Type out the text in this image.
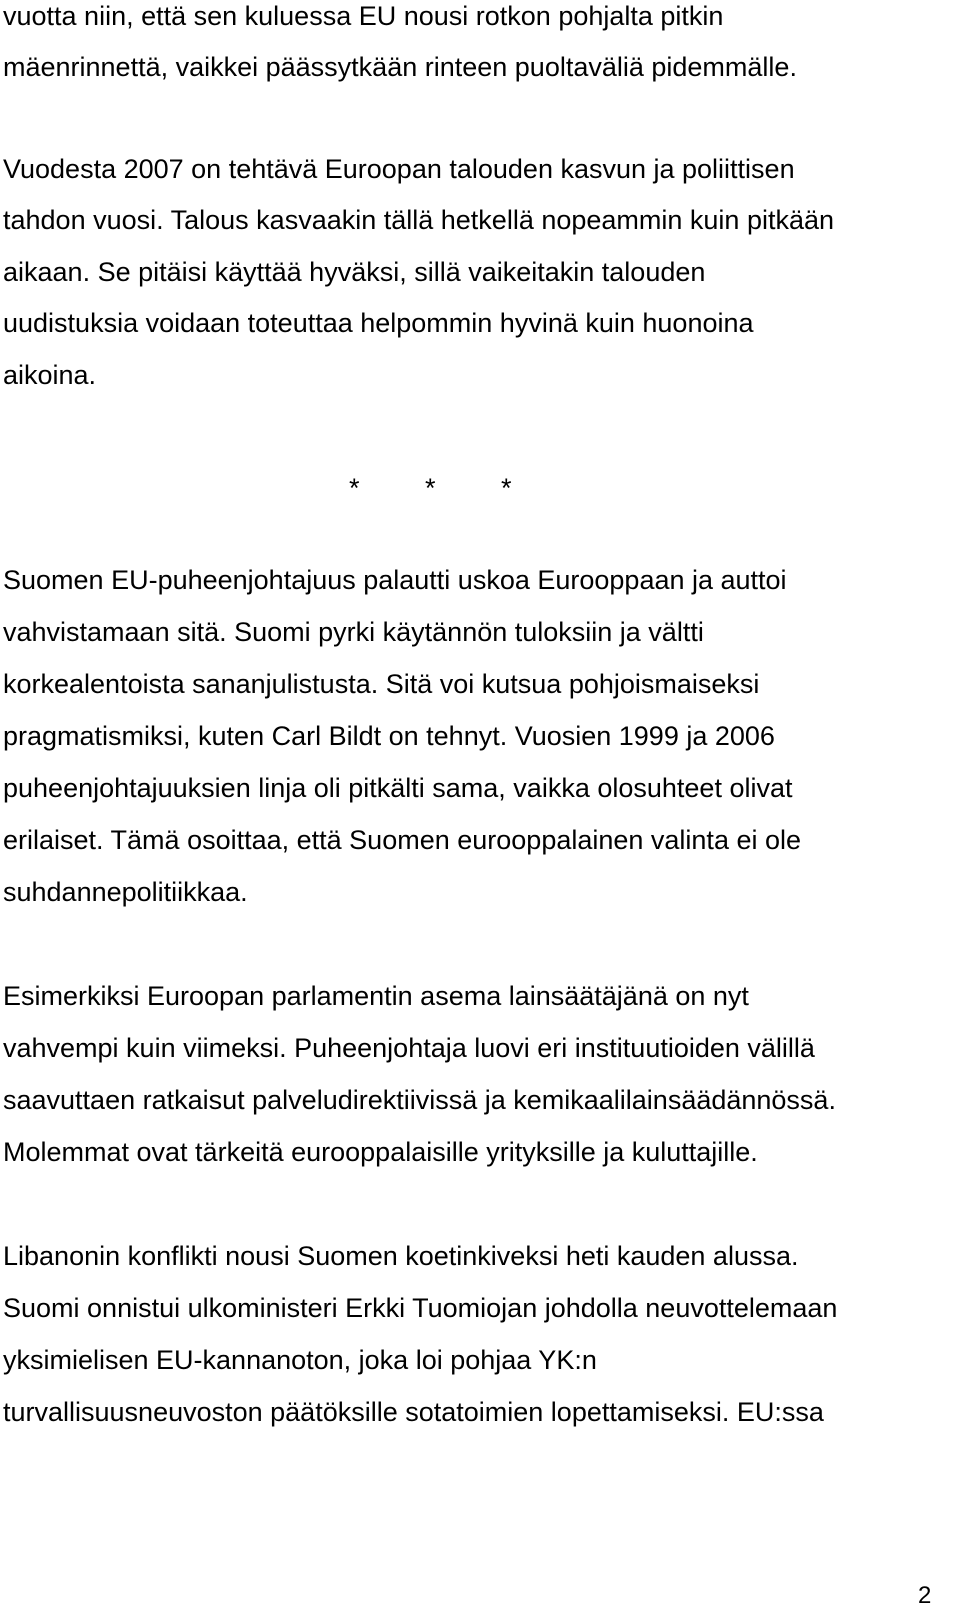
vuotta niin, että sen kuluessa EU nousi rotkon pohjalta pitkin
mäenrinnettä, vaikkei päässytkään rinteen puoltaväliä pidemmälle.
Vuodesta 2007 on tehtävä Euroopan talouden kasvun ja poliittisen
tahdon vuosi. Talous kasvaakin tällä hetkellä nopeammin kuin pitkään
aikaan. Se pitäisi käyttää hyväksi, sillä vaikeitakin talouden
uudistuksia voidaan toteuttaa helpommin hyvinä kuin huonoina
aikoina.
* * *
Suomen EU-puheenjohtajuus palautti uskoa Eurooppaan ja auttoi
vahvistamaan sitä. Suomi pyrki käytännön tuloksiin ja vältti
korkealentoista sananjulistusta. Sitä voi kutsua pohjoismaiseksi
pragmatismiksi, kuten Carl Bildt on tehnyt. Vuosien 1999 ja 2006
puheenjohtajuuksien linja oli pitkälti sama, vaikka olosuhteet olivat
erilaiset. Tämä osoittaa, että Suomen eurooppalainen valinta ei ole
suhdannepolitiikkaa.
Esimerkiksi Euroopan parlamentin asema lainsäätäjänä on nyt
vahvempi kuin viimeksi. Puheenjohtaja luovi eri instituutioiden välillä
saavuttaen ratkaisut palveludirektiivissä ja kemikaalilainsäädännössä.
Molemmat ovat tärkeitä eurooppalaisille yrityksille ja kuluttajille.
Libanonin konflikti nousi Suomen koetinkiveksi heti kauden alussa.
Suomi onnistui ulkoministeri Erkki Tuomiojan johdolla neuvottelemaan
yksimielisen EU-kannanoton, joka loi pohjaa YK:n
turvallisuusneuvoston päätöksille sotatoimien lopettamiseksi. EU:ssa
2
